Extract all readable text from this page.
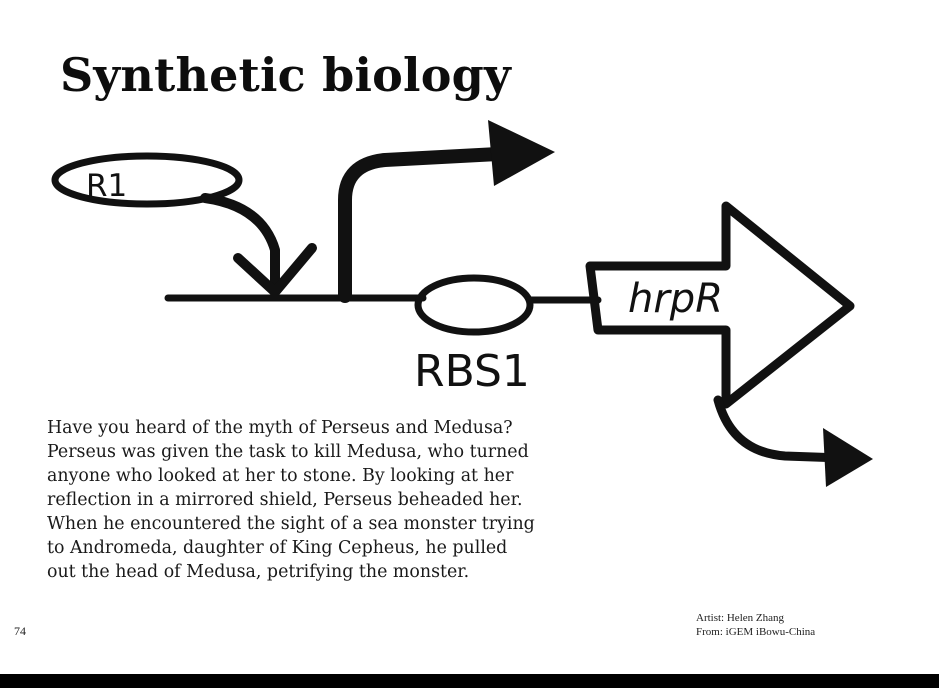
Synthetic biology
R1
RBS1
hrpR
Have you heard of the myth of Perseus and Medusa?
Perseus was given the task to kill Medusa, who turned
anyone who looked at her to stone. By looking at her
reflection in a mirrored shield, Perseus beheaded her.
When he encountered the sight of a sea monster trying
to Andromeda, daughter of King Cepheus, he pulled
out the head of Medusa, petrifying the monster.
74
Artist: Helen Zhang
From: iGEM iBowu-China
